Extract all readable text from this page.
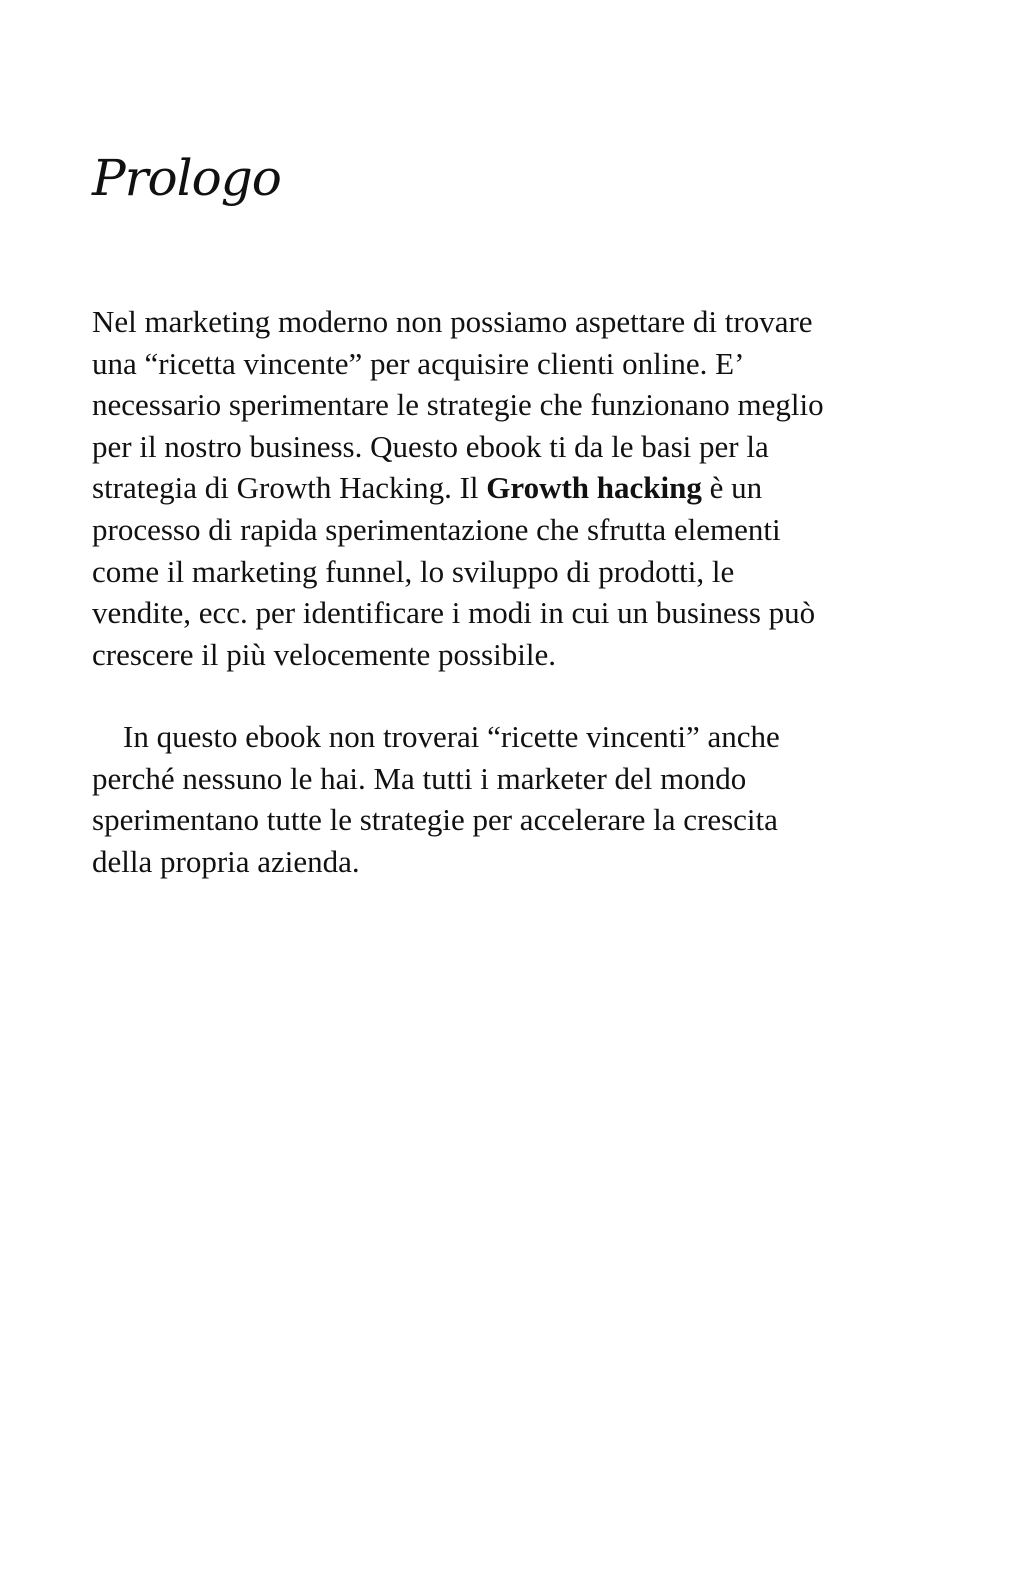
Prologo

Nel marketing moderno non possiamo aspettare di trovare
una “ricetta vincente” per acquisire clienti online. E’
necessario sperimentare le strategie che funzionano meglio
per il nostro business. Questo ebook ti da le basi per la
strategia di Growth Hacking. Il Growth hacking è un
processo di rapida sperimentazione che sfrutta elementi
come il marketing funnel, lo sviluppo di prodotti, le
vendite, ecc. per identificare i modi in cui un business può
crescere il più velocemente possibile.

In questo ebook non troverai “ricette vincenti” anche
perché nessuno le hai. Ma tutti i marketer del mondo
sperimentano tutte le strategie per accelerare la crescita
della propria azienda.
